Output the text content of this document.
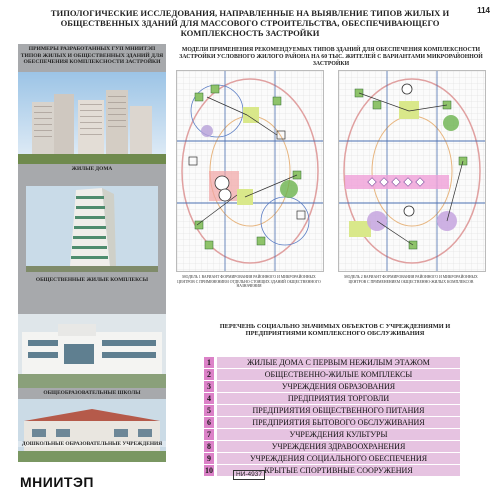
ТИПОЛОГИЧЕСКИЕ ИССЛЕДОВАНИЯ, НАПРАВЛЕННЫЕ НА ВЫЯВЛЕНИЕ ТИПОВ ЖИЛЫХ И ОБЩЕСТВЕННЫХ ЗДАНИЙ ДЛЯ МАССОВОГО СТРОИТЕЛЬСТВА, ОБЕСПЕЧИВАЮЩЕГО КОМПЛЕКСНОСТЬ ЗАСТРОЙКИ
114
ПРИМЕРЫ РАЗРАБОТАННЫХ ГУП МНИИТЭП ТИПОВ ЖИЛЫХ И ОБЩЕСТВЕННЫХ ЗДАНИЙ ДЛЯ ОБЕСПЕЧЕНИЯ КОМПЛЕКСНОСТИ ЗАСТРОЙКИ
ЖИЛЫЕ ДОМА
ОБЩЕСТВЕННЫЕ ЖИЛЫЕ КОМПЛЕКСЫ
ОБЩЕОБРАЗОВАТЕЛЬНЫЕ ШКОЛЫ
ДОШКОЛЬНЫЕ ОБРАЗОВАТЕЛЬНЫЕ УЧРЕЖДЕНИЯ
МНИИТЭП
МОДЕЛИ ПРИМЕНЕНИЯ РЕКОМЕНДУЕМЫХ ТИПОВ ЗДАНИЙ ДЛЯ ОБЕСПЕЧЕНИЯ КОМПЛЕКСНОСТИ ЗАСТРОЙКИ УСЛОВНОГО ЖИЛОГО РАЙОНА НА 60 ТЫС. ЖИТЕЛЕЙ С ВАРИАНТАМИ МИКРОРАЙОННОЙ ЗАСТРОЙКИ
МОДЕЛЬ 1 ВАРИАНТ ФОРМИРОВАНИЯ РАЙОННОГО И МИКРОРАЙОННЫХ ЦЕНТРОВ С ПРИМЕНЕНИЕМ ОТДЕЛЬНО СТОЯЩИХ ЗДАНИЙ ОБЩЕСТВЕННОГО НАЗНАЧЕНИЯ
МОДЕЛЬ 2 ВАРИАНТ ФОРМИРОВАНИЯ РАЙОННОГО И МИКРОРАЙОННЫХ ЦЕНТРОВ С ПРИМЕНЕНИЕМ ОБЩЕСТВЕННО-ЖИЛЫХ КОМПЛЕКСОВ
ПЕРЕЧЕНЬ СОЦИАЛЬНО ЗНАЧИМЫХ ОБЪЕКТОВ С УЧРЕЖДЕНИЯМИ И ПРЕДПРИЯТИЯМИ КОМПЛЕКСНОГО ОБСЛУЖИВАНИЯ
1	ЖИЛЫЕ ДОМА С ПЕРВЫМ НЕЖИЛЫМ ЭТАЖОМ
2	ОБЩЕСТВЕННО-ЖИЛЫЕ КОМПЛЕКСЫ
3	УЧРЕЖДЕНИЯ ОБРАЗОВАНИЯ
4	ПРЕДПРИЯТИЯ ТОРГОВЛИ
5	ПРЕДПРИЯТИЯ ОБЩЕСТВЕННОГО ПИТАНИЯ
6	ПРЕДПРИЯТИЯ БЫТОВОГО ОБСЛУЖИВАНИЯ
7	УЧРЕЖДЕНИЯ КУЛЬТУРЫ
8	УЧРЕЖДЕНИЯ ЗДРАВООХРАНЕНИЯ
9	УЧРЕЖДЕНИЯ СОЦИАЛЬНОГО ОБЕСПЕЧЕНИЯ
10	КРЫТЫЕ СПОРТИВНЫЕ СООРУЖЕНИЯ
НИ-4937
